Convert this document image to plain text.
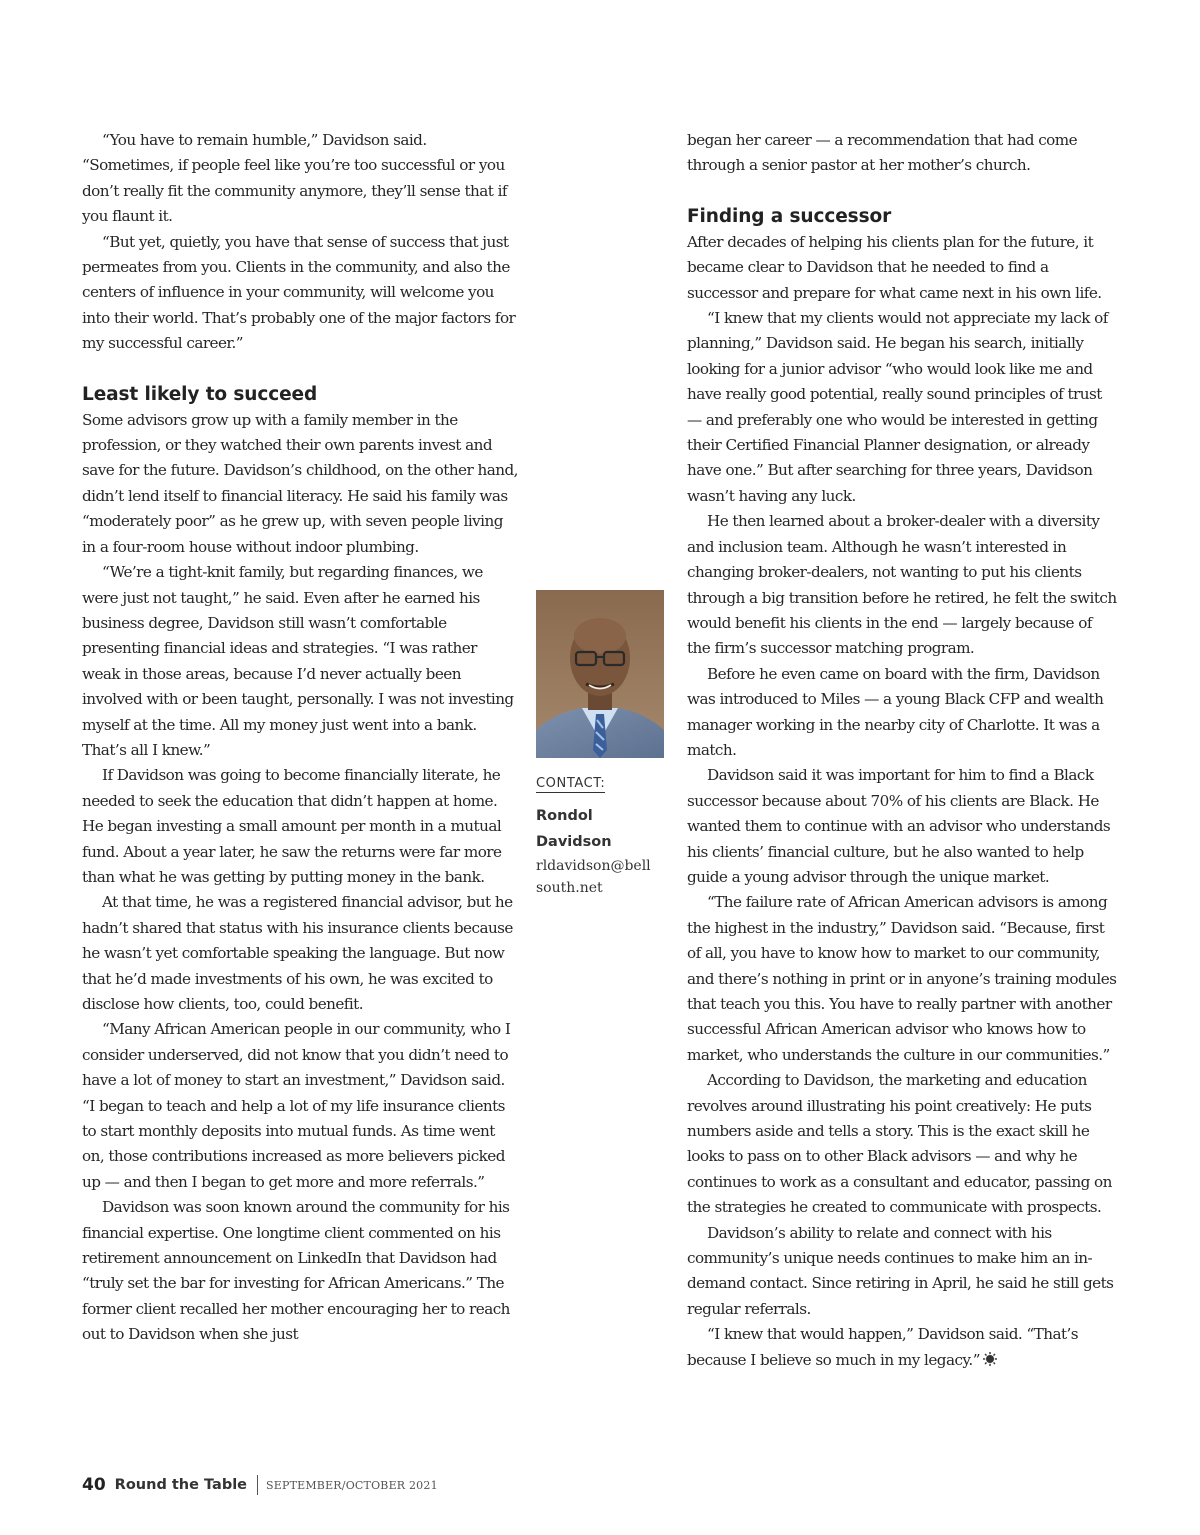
“You have to remain humble,” Davidson said. “Sometimes, if people feel like you’re too successful or you don’t really fit the community anymore, they’ll sense that if you flaunt it.

“But yet, quietly, you have that sense of success that just permeates from you. Clients in the community, and also the centers of influence in your community, will welcome you into their world. That’s probably one of the major factors for my successful career.”

Least likely to succeed

Some advisors grow up with a family member in the profession, or they watched their own parents invest and save for the future. Davidson’s childhood, on the other hand, didn’t lend itself to financial literacy. He said his family was “moderately poor” as he grew up, with seven people living in a four-room house without indoor plumbing.

“We’re a tight-knit family, but regarding finances, we were just not taught,” he said. Even after he earned his business degree, Davidson still wasn’t comfortable presenting financial ideas and strategies. “I was rather weak in those areas, because I’d never actually been involved with or been taught, personally. I was not investing myself at the time. All my money just went into a bank. That’s all I knew.”

If Davidson was going to become financially literate, he needed to seek the education that didn’t happen at home. He began investing a small amount per month in a mutual fund. About a year later, he saw the returns were far more than what he was getting by putting money in the bank.

At that time, he was a registered financial advisor, but he hadn’t shared that status with his insurance clients because he wasn’t yet comfortable speaking the language. But now that he’d made investments of his own, he was excited to disclose how clients, too, could benefit.

“Many African American people in our community, who I consider underserved, did not know that you didn’t need to have a lot of money to start an investment,” Davidson said. “I began to teach and help a lot of my life insurance clients to start monthly deposits into mutual funds. As time went on, those contributions increased as more believers picked up — and then I began to get more and more referrals.”

Davidson was soon known around the community for his financial expertise. One longtime client commented on his retirement announcement on LinkedIn that Davidson had “truly set the bar for investing for African Americans.” The former client recalled her mother encouraging her to reach out to Davidson when she just

CONTACT:
Rondol Davidson
rldavidson@bellsouth.net

began her career — a recommendation that had come through a senior pastor at her mother’s church.

Finding a successor

After decades of helping his clients plan for the future, it became clear to Davidson that he needed to find a successor and prepare for what came next in his own life.

“I knew that my clients would not appreciate my lack of planning,” Davidson said. He began his search, initially looking for a junior advisor “who would look like me and have really good potential, really sound principles of trust — and preferably one who would be interested in getting their Certified Financial Planner designation, or already have one.” But after searching for three years, Davidson wasn’t having any luck.

He then learned about a broker-dealer with a diversity and inclusion team. Although he wasn’t interested in changing broker-dealers, not wanting to put his clients through a big transition before he retired, he felt the switch would benefit his clients in the end — largely because of the firm’s successor matching program.

Before he even came on board with the firm, Davidson was introduced to Miles — a young Black CFP and wealth manager working in the nearby city of Charlotte. It was a match.

Davidson said it was important for him to find a Black successor because about 70% of his clients are Black. He wanted them to continue with an advisor who understands his clients’ financial culture, but he also wanted to help guide a young advisor through the unique market.

“The failure rate of African American advisors is among the highest in the industry,” Davidson said. “Because, first of all, you have to know how to market to our community, and there’s nothing in print or in anyone’s training modules that teach you this. You have to really partner with another successful African American advisor who knows how to market, who understands the culture in our communities.”

According to Davidson, the marketing and education revolves around illustrating his point creatively: He puts numbers aside and tells a story. This is the exact skill he looks to pass on to other Black advisors — and why he continues to work as a consultant and educator, passing on the strategies he created to communicate with prospects.

Davidson’s ability to relate and connect with his community’s unique needs continues to make him an in-demand contact. Since retiring in April, he said he still gets regular referrals.

“I knew that would happen,” Davidson said. “That’s because I believe so much in my legacy.”

40 Round the Table SEPTEMBER/OCTOBER 2021
